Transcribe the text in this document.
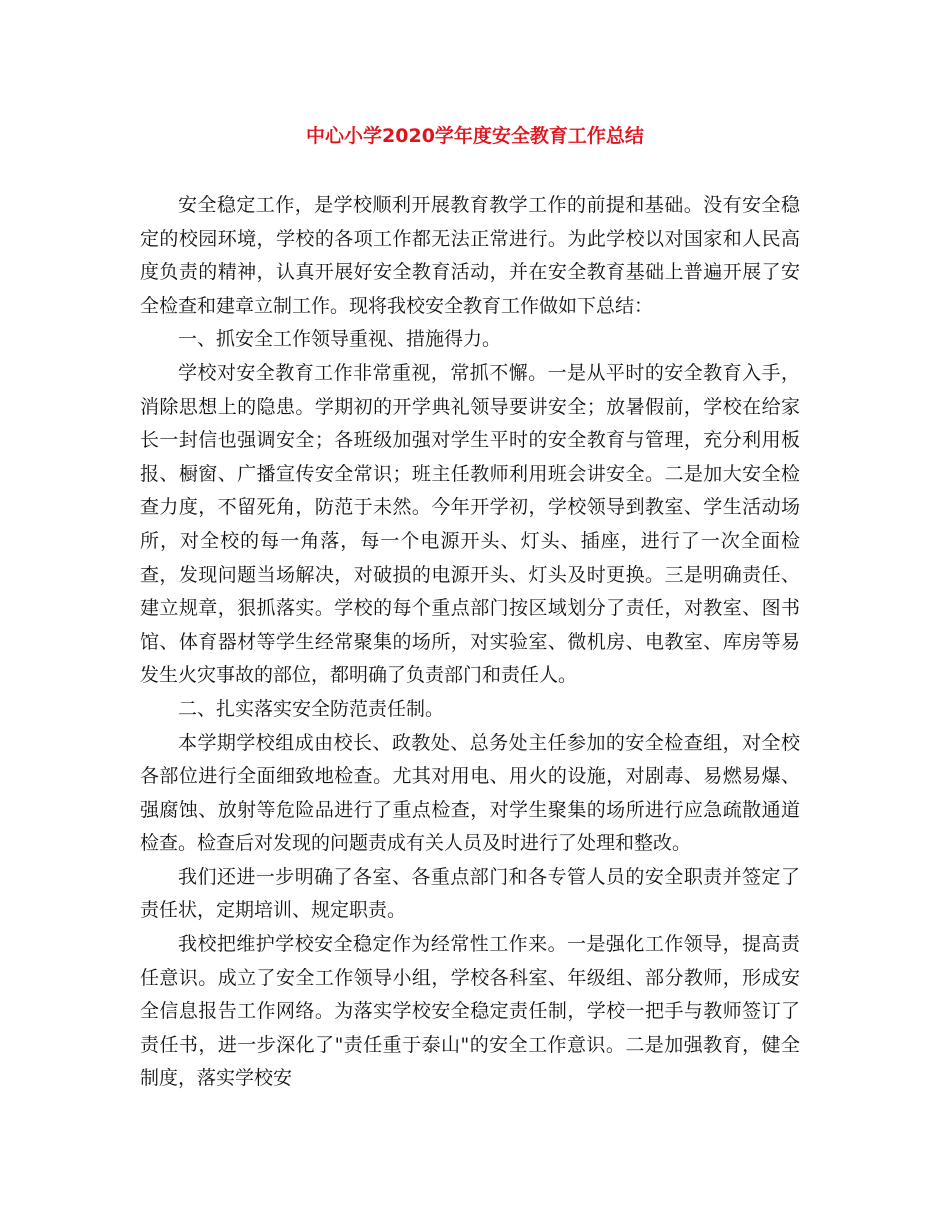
中心小学2020学年度安全教育工作总结

安全稳定工作，是学校顺利开展教育教学工作的前提和基础。没有安全稳定的校园环境，学校的各项工作都无法正常进行。为此学校以对国家和人民高度负责的精神，认真开展好安全教育活动，并在安全教育基础上普遍开展了安全检查和建章立制工作。现将我校安全教育工作做如下总结：

一、抓安全工作领导重视、措施得力。

学校对安全教育工作非常重视，常抓不懈。一是从平时的安全教育入手，消除思想上的隐患。学期初的开学典礼领导要讲安全；放暑假前，学校在给家长一封信也强调安全；各班级加强对学生平时的安全教育与管理，充分利用板报、橱窗、广播宣传安全常识；班主任教师利用班会讲安全。二是加大安全检查力度，不留死角，防范于未然。今年开学初，学校领导到教室、学生活动场所，对全校的每一角落，每一个电源开头、灯头、插座，进行了一次全面检查，发现问题当场解决，对破损的电源开头、灯头及时更换。三是明确责任、建立规章，狠抓落实。学校的每个重点部门按区域划分了责任，对教室、图书馆、体育器材等学生经常聚集的场所，对实验室、微机房、电教室、库房等易发生火灾事故的部位，都明确了负责部门和责任人。

二、扎实落实安全防范责任制。

本学期学校组成由校长、政教处、总务处主任参加的安全检查组，对全校各部位进行全面细致地检查。尤其对用电、用火的设施，对剧毒、易燃易爆、强腐蚀、放射等危险品进行了重点检查，对学生聚集的场所进行应急疏散通道检查。检查后对发现的问题责成有关人员及时进行了处理和整改。

我们还进一步明确了各室、各重点部门和各专管人员的安全职责并签定了责任状，定期培训、规定职责。

我校把维护学校安全稳定作为经常性工作来。一是强化工作领导，提高责任意识。成立了安全工作领导小组，学校各科室、年级组、部分教师，形成安全信息报告工作网络。为落实学校安全稳定责任制，学校一把手与教师签订了责任书，进一步深化了"责任重于泰山"的安全工作意识。二是加强教育，健全制度，落实学校安
